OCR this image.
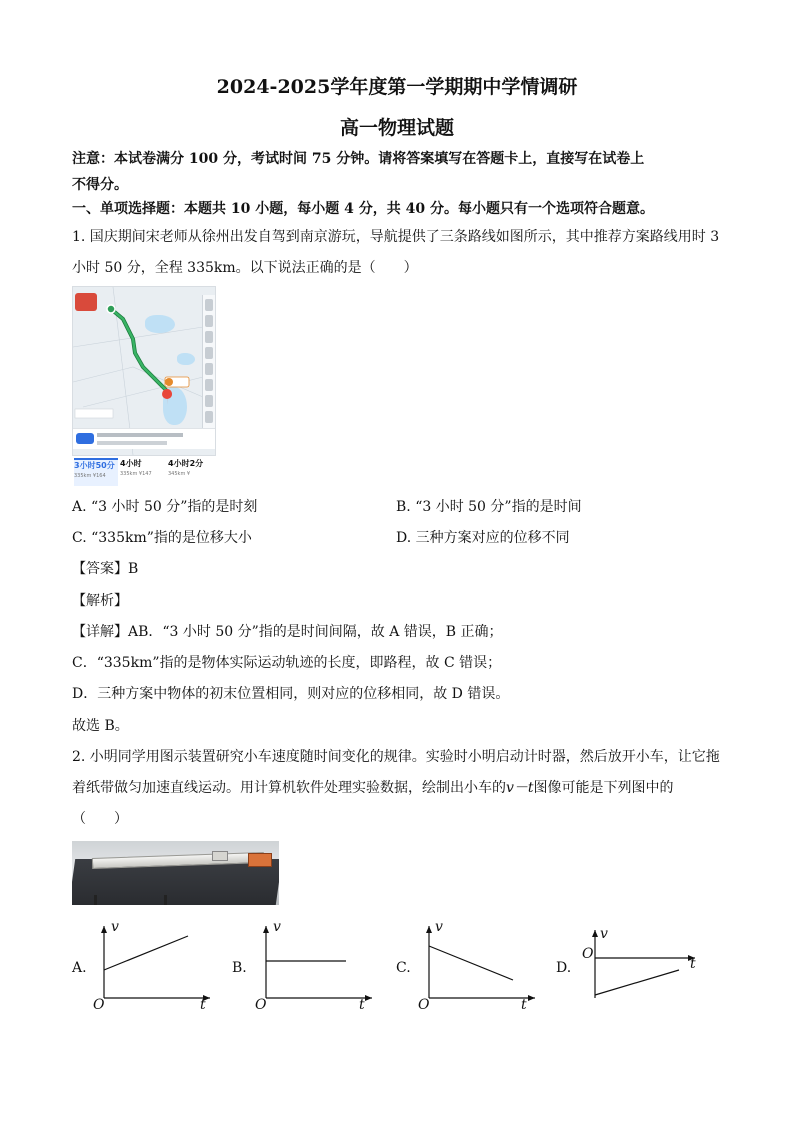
2024-2025学年度第一学期期中学情调研
高一物理试题
注意：本试卷满分 100 分，考试时间 75 分钟。请将答案填写在答题卡上，直接写在试卷上
不得分。
一、单项选择题：本题共 10 小题，每小题 4 分，共 40 分。每小题只有一个选项符合题意。
1. 国庆期间宋老师从徐州出发自驾到南京游玩，导航提供了三条路线如图所示，其中推荐方案路线用时 3
小时 50 分，全程 335km。以下说法正确的是（　　）
3小时50分
335km ¥164
4小时
335km ¥147
4小时2分
345km ¥
A. “3 小时 50 分”指的是时刻	B. “3 小时 50 分”指的是时间
C. “335km”指的是位移大小	D. 三种方案对应的位移不同
【答案】B
【解析】
【详解】AB．“3 小时 50 分”指的是时间间隔，故 A 错误，B 正确；
C．“335km”指的是物体实际运动轨迹的长度，即路程，故 C 错误；
D．三种方案中物体的初末位置相同，则对应的位移相同，故 D 错误。
故选 B。
2. 小明同学用图示装置研究小车速度随时间变化的规律。实验时小明启动计时器，然后放开小车，让它拖
着纸带做匀加速直线运动。用计算机软件处理实验数据，绘制出小车的v－t图像可能是下列图中的
（　　）
A.
v
t
O
B.
v
t
O
C.
v
t
O
D.
v
t
O
